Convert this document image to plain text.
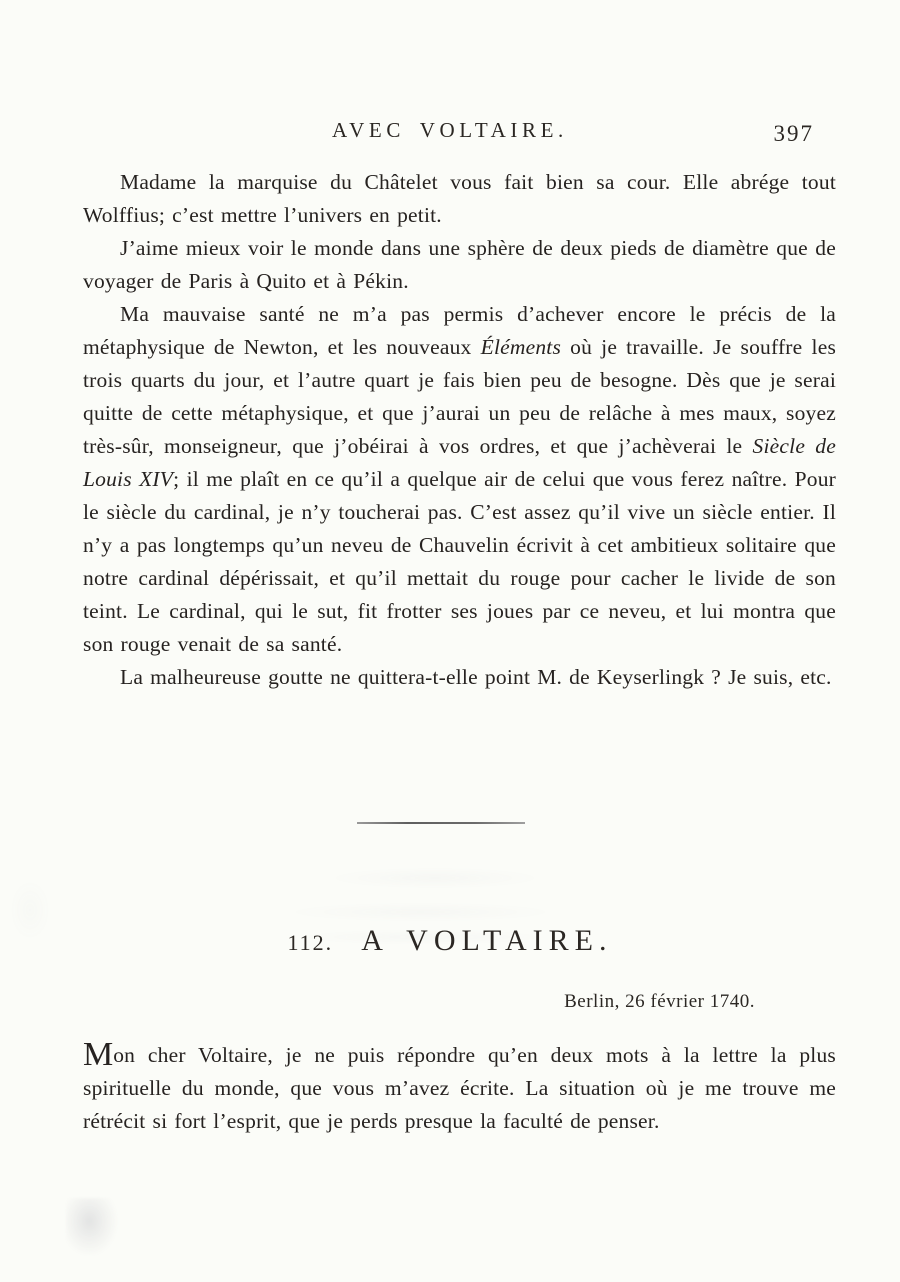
AVEC VOLTAIRE.	397

Madame la marquise du Châtelet vous fait bien sa cour. Elle abrége tout Wolffius; c’est mettre l’univers en petit.

J’aime mieux voir le monde dans une sphère de deux pieds de diamètre que de voyager de Paris à Quito et à Pékin.

Ma mauvaise santé ne m’a pas permis d’achever encore le précis de la métaphysique de Newton, et les nouveaux Éléments où je travaille. Je souffre les trois quarts du jour, et l’autre quart je fais bien peu de besogne. Dès que je serai quitte de cette métaphysique, et que j’aurai un peu de relâche à mes maux, soyez très-sûr, monseigneur, que j’obéirai à vos ordres, et que j’achèverai le Siècle de Louis XIV; il me plaît en ce qu’il a quelque air de celui que vous ferez naître. Pour le siècle du cardinal, je n’y toucherai pas. C’est assez qu’il vive un siècle entier. Il n’y a pas longtemps qu’un neveu de Chauvelin écrivit à cet ambitieux solitaire que notre cardinal dépérissait, et qu’il mettait du rouge pour cacher le livide de son teint. Le cardinal, qui le sut, fit frotter ses joues par ce neveu, et lui montra que son rouge venait de sa santé.

La malheureuse goutte ne quittera-t-elle point M. de Keyserlingk ? Je suis, etc.

112. A VOLTAIRE.
Berlin, 26 février 1740.

Mon cher Voltaire, je ne puis répondre qu’en deux mots à la lettre la plus spirituelle du monde, que vous m’avez écrite. La situation où je me trouve me rétrécit si fort l’esprit, que je perds presque la faculté de penser.
